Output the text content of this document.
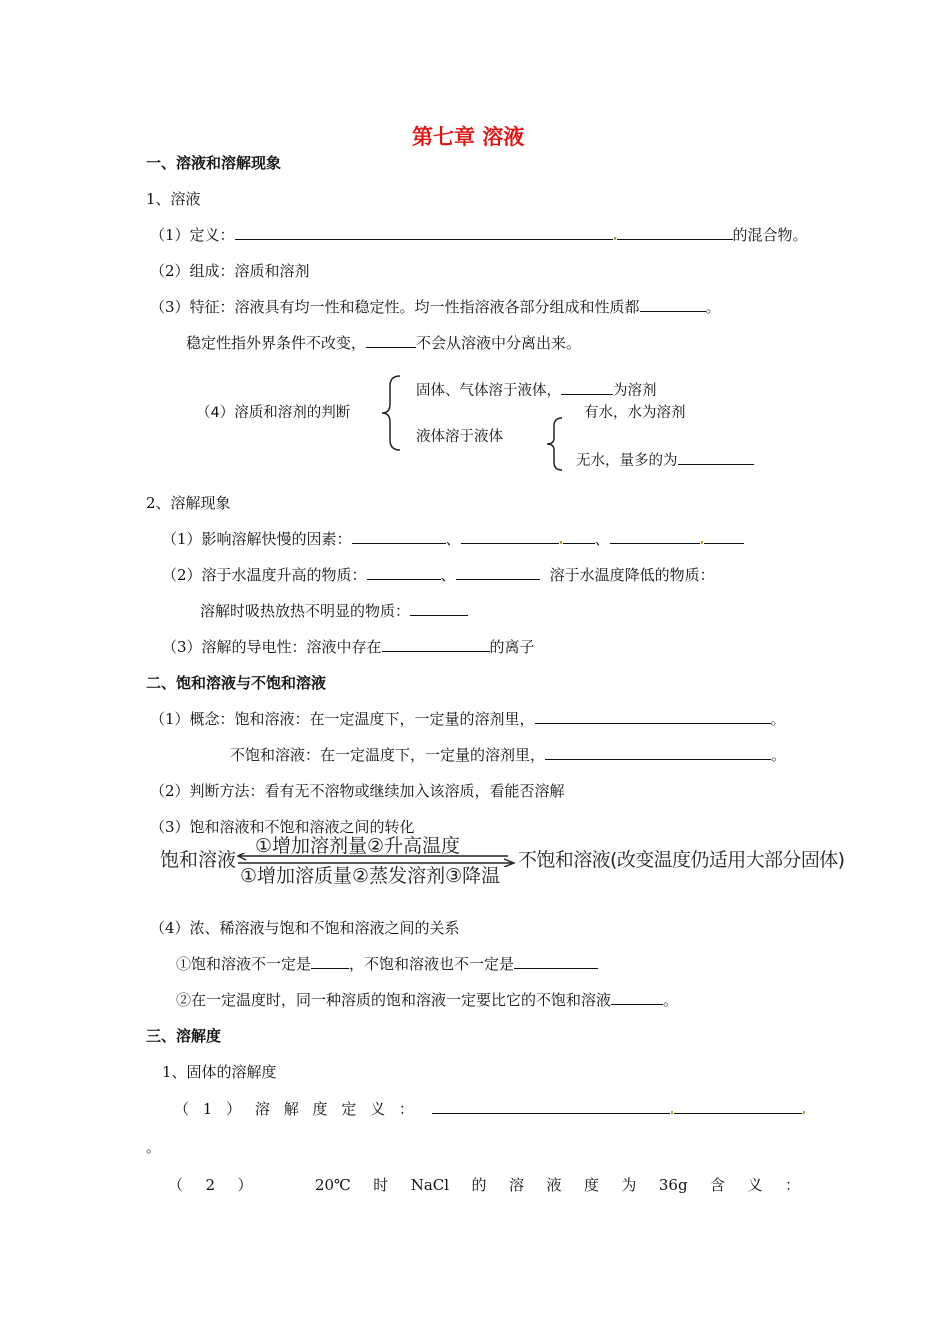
第七章 溶液
一、溶液和溶解现象
1、溶液
（1）定义：	的混合物。
（2）组成：溶质和溶剂
（3）特征：溶液具有均一性和稳定性。均一性指溶液各部分组成和性质都	。
稳定性指外界条件不改变，	不会从溶液中分离出来。
（4）溶质和溶剂的判断
固体、气体溶于液体，	为溶剂
液体溶于液体
有水，水为溶剂
无水，量多的为
2、溶解现象
（1）影响溶解快慢的因素：	、	、
（2）溶于水温度升高的物质：	、	溶于水温度降低的物质：
溶解时吸热放热不明显的物质：
（3）溶解的导电性：溶液中存在	的离子
二、饱和溶液与不饱和溶液
（1）概念：饱和溶液：在一定温度下，一定量的溶剂里，	。
不饱和溶液：在一定温度下，一定量的溶剂里，	。
（2）判断方法：看有无不溶物或继续加入该溶质，看能否溶解
（3）饱和溶液和不饱和溶液之间的转化
饱和溶液
①增加溶剂量②升高温度
①增加溶质量②蒸发溶剂③降温
不饱和溶液(改变温度仍适用大部分固体)
（4）浓、稀溶液与饱和不饱和溶液之间的关系
①饱和溶液不一定是	，不饱和溶液也不一定是
②在一定温度时，同一种溶质的饱和溶液一定要比它的不饱和溶液	。
三、溶解度
1、固体的溶解度
（ 1 ） 溶 解 度 定 义 ：
。
（ 2 ）	20℃ 时 NaCl 的 溶 液 度 为 36g 含 义 ：
